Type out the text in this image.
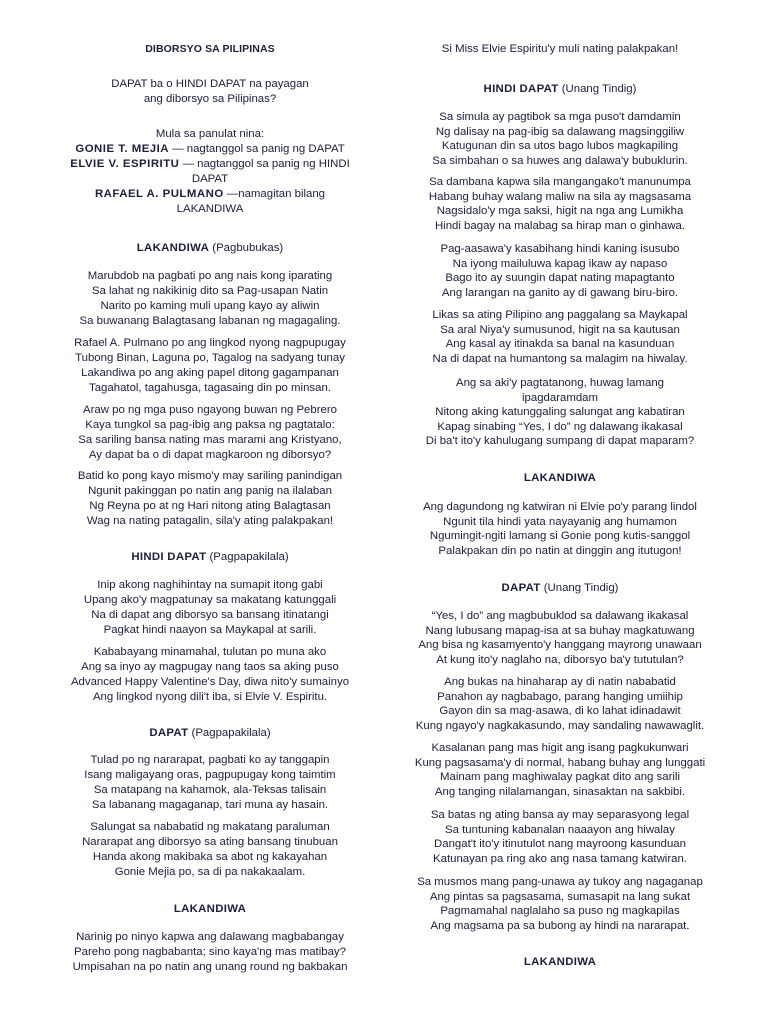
DIBORSYO SA PILIPINAS
DAPAT ba o HINDI DAPAT na payagan
ang diborsyo sa Pilipinas?
Mula sa panulat nina:
GONIE T. MEJIA — nagtanggol sa panig ng DAPAT
ELVIE V. ESPIRITU — nagtanggol sa panig ng HINDI
DAPAT
RAFAEL A. PULMANO —namagitan bilang
LAKANDIWA
LAKANDIWA (Pagbubukas)
Marubdob na pagbati po ang nais kong iparating
Sa lahat ng nakikinig dito sa Pag-usapan Natin
Narito po kaming muli upang kayo ay aliwin
Sa buwanang Balagtasang labanan ng magagaling.
Rafael A. Pulmano po ang lingkod nyong nagpupugay
Tubong Binan, Laguna po, Tagalog na sadyang tunay
Lakandiwa po ang aking papel ditong gagampanan
Tagahatol, tagahusga, tagasaing din po minsan.
Araw po ng mga puso ngayong buwan ng Pebrero
Kaya tungkol sa pag-ibig ang paksa ng pagtatalo:
Sa sariling bansa nating mas marami ang Kristyano,
Ay dapat ba o di dapat magkaroon ng diborsyo?
Batid ko pong kayo mismo'y may sariling panindigan
Ngunit pakinggan po natin ang panig na ilalaban
Ng Reyna po at ng Hari nitong ating Balagtasan
Wag na nating patagalin, sila'y ating palakpakan!
HINDI DAPAT (Pagpapakilala)
Inip akong naghihintay na sumapit itong gabi
Upang ako'y magpatunay sa makatang katunggali
Na di dapat ang diborsyo sa bansang itinatangi
Pagkat hindi naayon sa Maykapal at sarili.
Kababayang minamahal, tulutan po muna ako
Ang sa inyo ay magpugay nang taos sa aking puso
Advanced Happy Valentine's Day, diwa nito'y sumainyo
Ang lingkod nyong dili't iba, si Elvie V. Espiritu.
DAPAT (Pagpapakilala)
Tulad po ng nararapat, pagbati ko ay tanggapin
Isang maligayang oras, pagpupugay kong taimtim
Sa matapang na kahamok, ala-Teksas talisain
Sa labanang magaganap, tari muna ay hasain.
Salungat sa nababatid ng makatang paraluman
Nararapat ang diborsyo sa ating bansang tinubuan
Handa akong makibaka sa abot ng kakayahan
Gonie Mejia po, sa di pa nakakaalam.
LAKANDIWA
Narinig po ninyo kapwa ang dalawang magbabangay
Pareho pong nagbabanta; sino kaya'ng mas matibay?
Umpisahan na po natin ang unang round ng bakbakan
Si Miss Elvie Espiritu'y muli nating palakpakan!
HINDI DAPAT (Unang Tindig)
Sa simula ay pagtibok sa mga puso't damdamin
Ng dalisay na pag-ibig sa dalawang magsinggiliw
Katugunan din sa utos bago lubos magkapiling
Sa simbahan o sa huwes ang dalawa'y bubuklurin.
Sa dambana kapwa sila mangangako't manunumpa
Habang buhay walang maliw na sila ay magsasama
Nagsidalo'y mga saksi, higit na nga ang Lumikha
Hindi bagay na malabag sa hirap man o ginhawa.
Pag-aasawa'y kasabihang hindi kaning isusubo
Na iyong mailuluwa kapag ikaw ay napaso
Bago ito ay suungin dapat nating mapagtanto
Ang larangan na ganito ay di gawang biru-biro.
Likas sa ating Pilipino ang paggalang sa Maykapal
Sa aral Niya'y sumusunod, higit na sa kautusan
Ang kasal ay itinakda sa banal na kasunduan
Na di dapat na humantong sa malagim na hiwalay.
Ang sa aki'y pagtatanong, huwag lamang
ipagdaramdam
Nitong aking katunggaling salungat ang kabatiran
Kapag sinabing “Yes, I do” ng dalawang ikakasal
Di ba't ito'y kahulugang sumpang di dapat maparam?
LAKANDIWA
Ang dagundong ng katwiran ni Elvie po'y parang lindol
Ngunit tila hindi yata nayayanig ang humamon
Ngumingit-ngiti lamang si Gonie pong kutis-sanggol
Palakpakan din po natin at dinggin ang itutugon!
DAPAT (Unang Tindig)
“Yes, I do” ang magbubuklod sa dalawang ikakasal
Nang lubusang mapag-isa at sa buhay magkatuwang
Ang bisa ng kasamyento'y hanggang mayrong unawaan
At kung ito'y naglaho na, diborsyo ba'y tututulan?
Ang bukas na hinaharap ay di natin nababatid
Panahon ay nagbabago, parang hanging umiihip
Gayon din sa mag-asawa, di ko lahat idinadawit
Kung ngayo'y nagkakasundo, may sandaling nawawaglit.
Kasalanan pang mas higit ang isang pagkukunwari
Kung pagsasama'y di normal, habang buhay ang lunggati
Mainam pang maghiwalay pagkat dito ang sarili
Ang tanging nilalamangan, sinasaktan na sakbibi.
Sa batas ng ating bansa ay may separasyong legal
Sa tuntuning kabanalan naaayon ang hiwalay
Dangat't ito'y itinutulot nang mayroong kasunduan
Katunayan pa ring ako ang nasa tamang katwiran.
Sa musmos mang pang-unawa ay tukoy ang nagaganap
Ang pintas sa pagsasama, sumasapit na lang sukat
Pagmamahal naglalaho sa puso ng magkapilas
Ang magsama pa sa bubong ay hindi na nararapat.
LAKANDIWA
